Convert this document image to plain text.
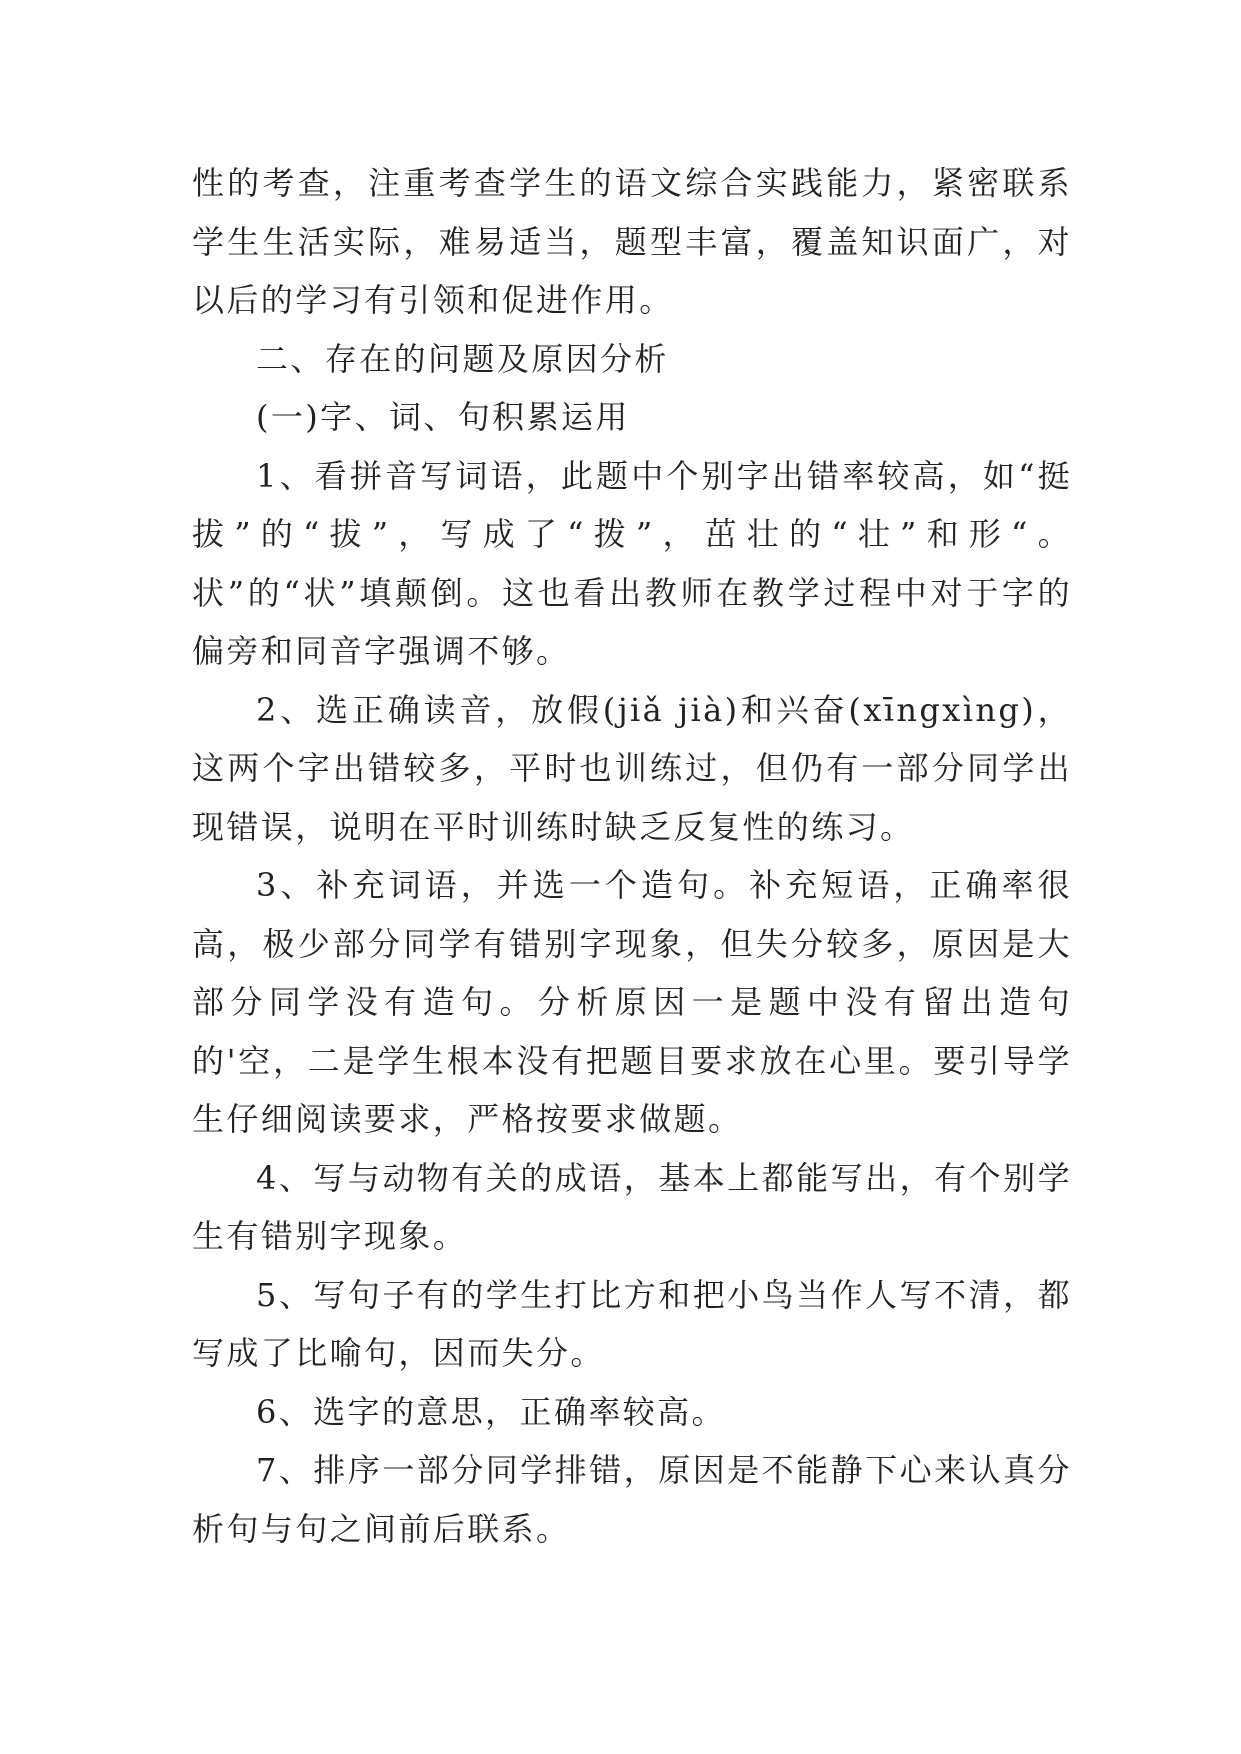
性的考查，注重考查学生的语文综合实践能力，紧密联系学生生活实际，难易适当，题型丰富，覆盖知识面广，对以后的学习有引领和促进作用。

二、存在的问题及原因分析

(一)字、词、句积累运用

1、看拼音写词语，此题中个别字出错率较高，如“挺拔”的“拔”，写成了“拨”，茁壮的“壮”和形“。状”的“状”填颠倒。这也看出教师在教学过程中对于字的偏旁和同音字强调不够。

2、选正确读音，放假(jiǎ jià)和兴奋(xīngxìng)，这两个字出错较多，平时也训练过，但仍有一部分同学出现错误，说明在平时训练时缺乏反复性的练习。

3、补充词语，并选一个造句。补充短语，正确率很高，极少部分同学有错别字现象，但失分较多，原因是大部分同学没有造句。分析原因一是题中没有留出造句的'空，二是学生根本没有把题目要求放在心里。要引导学生仔细阅读要求，严格按要求做题。

4、写与动物有关的成语，基本上都能写出，有个别学生有错别字现象。

5、写句子有的学生打比方和把小鸟当作人写不清，都写成了比喻句，因而失分。

6、选字的意思，正确率较高。

7、排序一部分同学排错，原因是不能静下心来认真分析句与句之间前后联系。
